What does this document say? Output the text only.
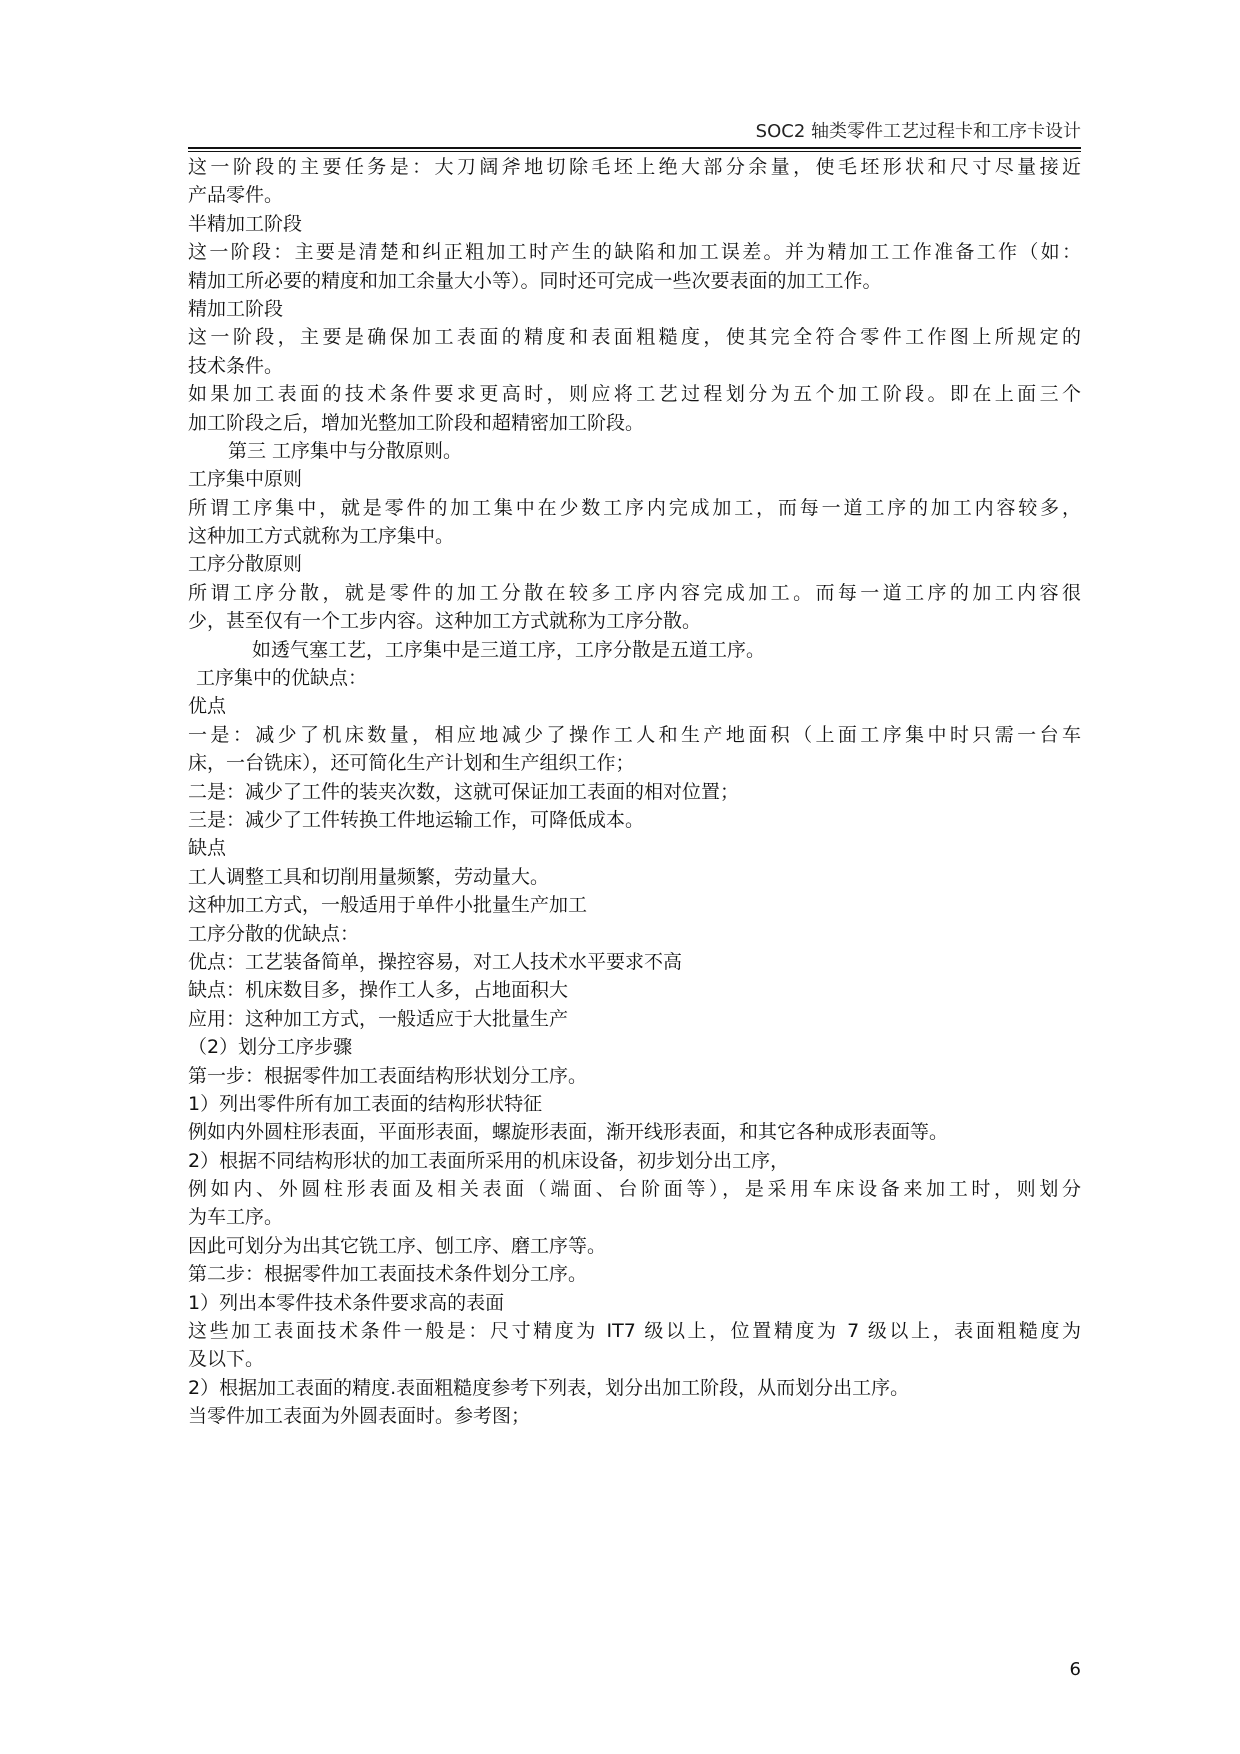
SOC2 轴类零件工艺过程卡和工序卡设计
这一阶段的主要任务是：大刀阔斧地切除毛坯上绝大部分余量，使毛坯形状和尺寸尽量接近
产品零件。
半精加工阶段
这一阶段：主要是清楚和纠正粗加工时产生的缺陷和加工误差。并为精加工工作准备工作（如：
精加工所必要的精度和加工余量大小等）。同时还可完成一些次要表面的加工工作。
精加工阶段
这一阶段，主要是确保加工表面的精度和表面粗糙度，使其完全符合零件工作图上所规定的
技术条件。
如果加工表面的技术条件要求更高时，则应将工艺过程划分为五个加工阶段。即在上面三个
加工阶段之后，增加光整加工阶段和超精密加工阶段。
第三 工序集中与分散原则。
工序集中原则
所谓工序集中，就是零件的加工集中在少数工序内完成加工，而每一道工序的加工内容较多，
这种加工方式就称为工序集中。
工序分散原则
所谓工序分散，就是零件的加工分散在较多工序内容完成加工。而每一道工序的加工内容很
少，甚至仅有一个工步内容。这种加工方式就称为工序分散。
如透气塞工艺，工序集中是三道工序，工序分散是五道工序。
工序集中的优缺点：
优点
一是：减少了机床数量，相应地减少了操作工人和生产地面积（上面工序集中时只需一台车
床，一台铣床），还可简化生产计划和生产组织工作；
二是：减少了工件的装夹次数，这就可保证加工表面的相对位置；
三是：减少了工件转换工件地运输工作，可降低成本。
缺点
工人调整工具和切削用量频繁，劳动量大。
这种加工方式，一般适用于单件小批量生产加工
工序分散的优缺点：
优点：工艺装备简单，操控容易，对工人技术水平要求不高
缺点：机床数目多，操作工人多，占地面积大
应用：这种加工方式，一般适应于大批量生产
（2）划分工序步骤
第一步：根据零件加工表面结构形状划分工序。
1）列出零件所有加工表面的结构形状特征
例如内外圆柱形表面，平面形表面，螺旋形表面，渐开线形表面，和其它各种成形表面等。
2）根据不同结构形状的加工表面所采用的机床设备，初步划分出工序，
例如内、外圆柱形表面及相关表面（端面、台阶面等），是采用车床设备来加工时，则划分
为车工序。
因此可划分为出其它铣工序、刨工序、磨工序等。
第二步：根据零件加工表面技术条件划分工序。
1）列出本零件技术条件要求高的表面
这些加工表面技术条件一般是：尺寸精度为 IT7 级以上，位置精度为 7 级以上，表面粗糙度为
及以下。
2）根据加工表面的精度.表面粗糙度参考下列表，划分出加工阶段，从而划分出工序。
当零件加工表面为外圆表面时。参考图；
6
